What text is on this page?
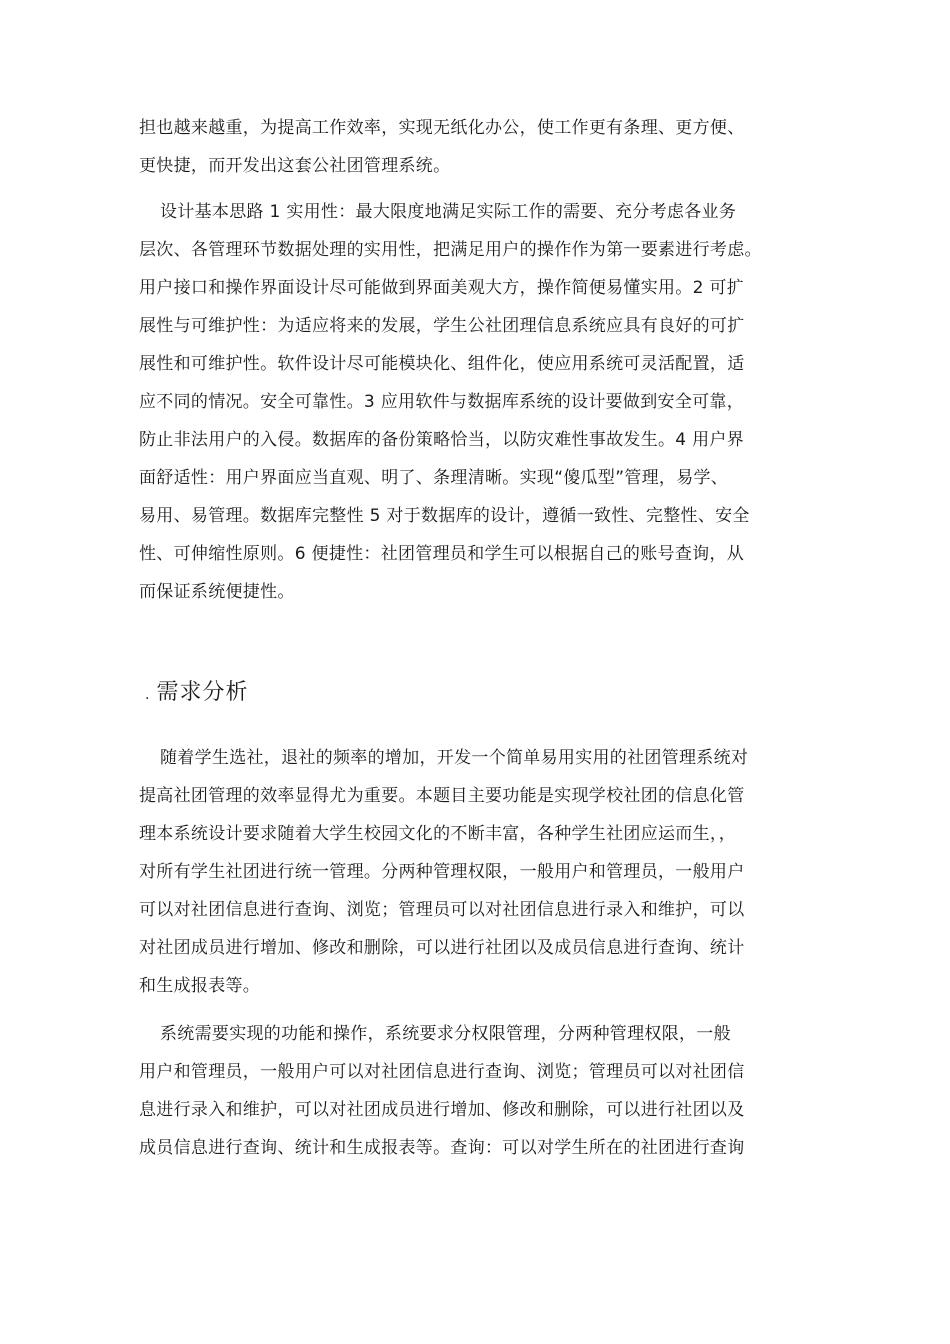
担也越来越重，为提高工作效率，实现无纸化办公，使工作更有条理、更方便、
更快捷，而开发出这套公社团管理系统。
设计基本思路 1 实用性：最大限度地满足实际工作的需要、充分考虑各业务
层次、各管理环节数据处理的实用性，把满足用户的操作作为第一要素进行考虑。
用户接口和操作界面设计尽可能做到界面美观大方，操作简便易懂实用。2 可扩
展性与可维护性：为适应将来的发展，学生公社团理信息系统应具有良好的可扩
展性和可维护性。软件设计尽可能模块化、组件化，使应用系统可灵活配置，适
应不同的情况。安全可靠性。3 应用软件与数据库系统的设计要做到安全可靠，
防止非法用户的入侵。数据库的备份策略恰当，以防灾难性事故发生。4 用户界
面舒适性：用户界面应当直观、明了、条理清晰。实现“傻瓜型”管理，易学、
易用、易管理。数据库完整性 5 对于数据库的设计，遵循一致性、完整性、安全
性、可伸缩性原则。6 便捷性：社团管理员和学生可以根据自己的账号查询，从
而保证系统便捷性。
. 需求分析
随着学生选社，退社的频率的增加，开发一个简单易用实用的社团管理系统对
提高社团管理的效率显得尤为重要。本题目主要功能是实现学校社团的信息化管
理本系统设计要求随着大学生校园文化的不断丰富，各种学生社团应运而生，，
对所有学生社团进行统一管理。分两种管理权限，一般用户和管理员，一般用户
可以对社团信息进行查询、浏览；管理员可以对社团信息进行录入和维护，可以
对社团成员进行增加、修改和删除，可以进行社团以及成员信息进行查询、统计
和生成报表等。
系统需要实现的功能和操作，系统要求分权限管理，分两种管理权限，一般
用户和管理员，一般用户可以对社团信息进行查询、浏览；管理员可以对社团信
息进行录入和维护，可以对社团成员进行增加、修改和删除，可以进行社团以及
成员信息进行查询、统计和生成报表等。查询：可以对学生所在的社团进行查询
